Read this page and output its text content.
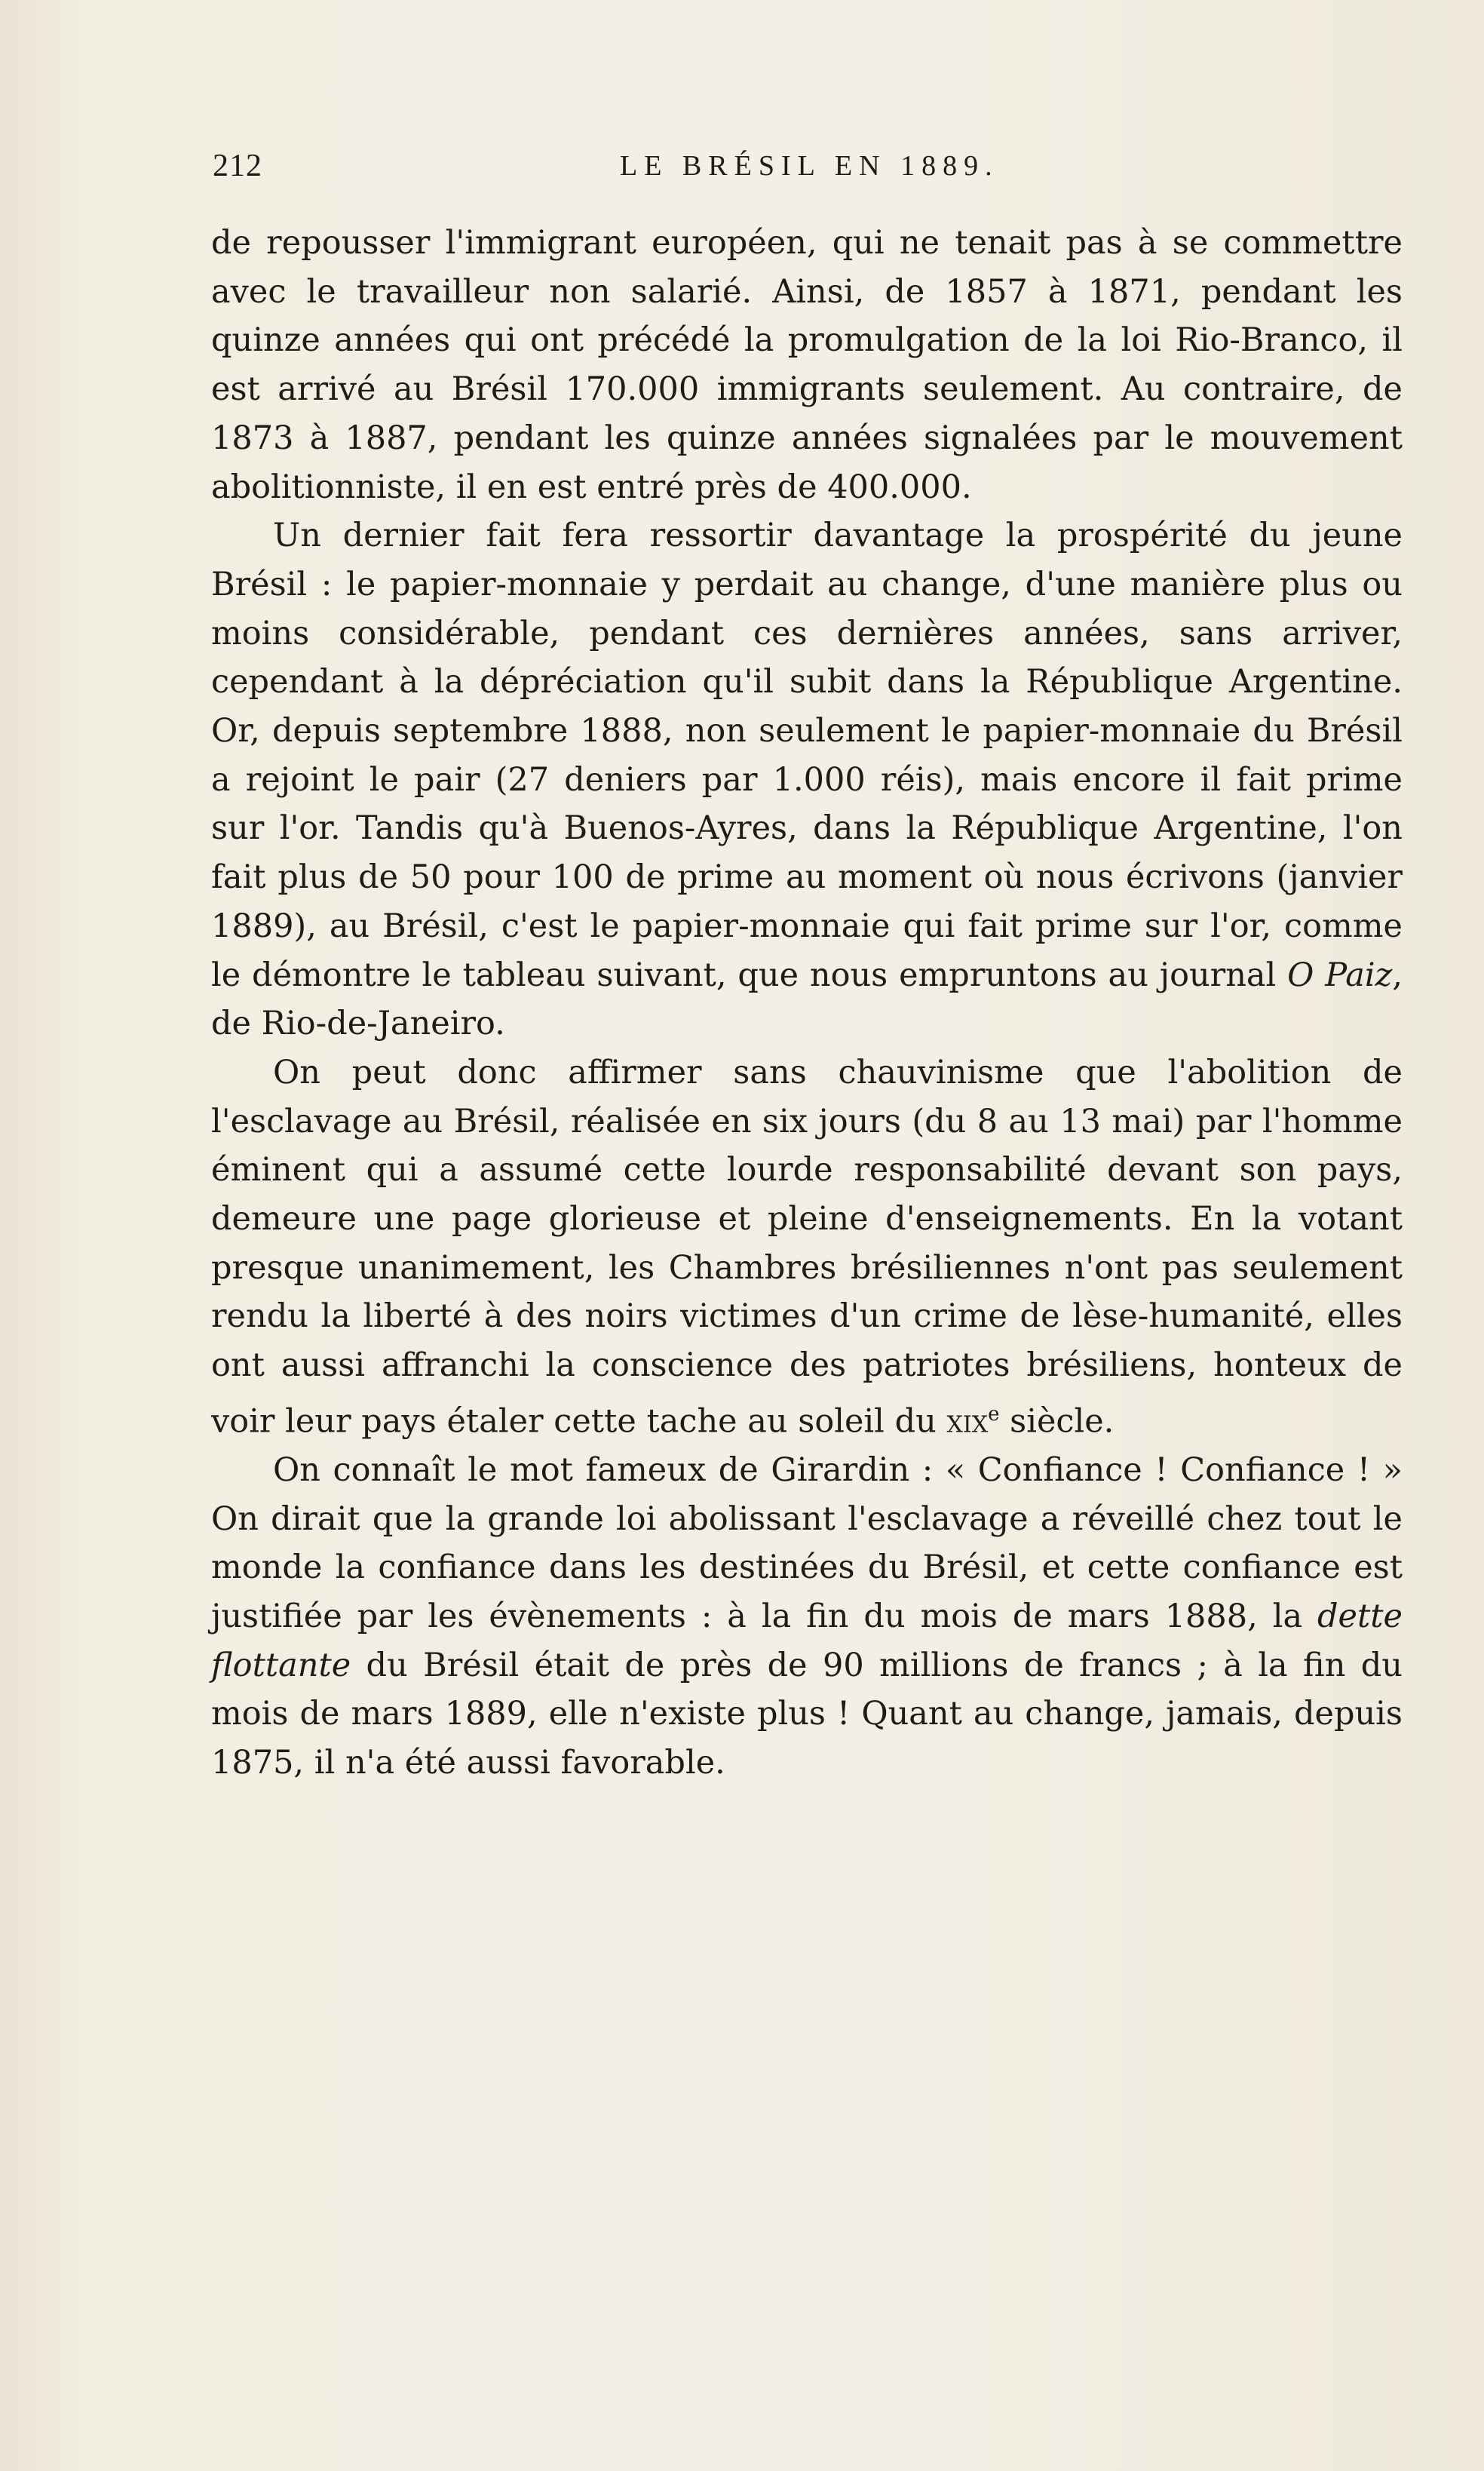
212	LE BRÉSIL EN 1889.

de repousser l'immigrant européen, qui ne tenait pas à se commettre avec le travailleur non salarié. Ainsi, de 1857 à 1871, pendant les quinze années qui ont précédé la promulgation de la loi Rio-Branco, il est arrivé au Brésil 170.000 immigrants seulement. Au contraire, de 1873 à 1887, pendant les quinze années signalées par le mouvement abolitionniste, il en est entré près de 400.000.

Un dernier fait fera ressortir davantage la prospérité du jeune Brésil : le papier-monnaie y perdait au change, d'une manière plus ou moins considérable, pendant ces dernières années, sans arriver, cependant à la dépréciation qu'il subit dans la République Argentine. Or, depuis septembre 1888, non seulement le papier-monnaie du Brésil a rejoint le pair (27 deniers par 1.000 réis), mais encore il fait prime sur l'or. Tandis qu'à Buenos-Ayres, dans la République Argentine, l'on fait plus de 50 pour 100 de prime au moment où nous écrivons (janvier 1889), au Brésil, c'est le papier-monnaie qui fait prime sur l'or, comme le démontre le tableau suivant, que nous empruntons au journal O Paiz, de Rio-de-Janeiro.

On peut donc affirmer sans chauvinisme que l'abolition de l'esclavage au Brésil, réalisée en six jours (du 8 au 13 mai) par l'homme éminent qui a assumé cette lourde responsabilité devant son pays, demeure une page glorieuse et pleine d'enseignements. En la votant presque unanimement, les Chambres brésiliennes n'ont pas seulement rendu la liberté à des noirs victimes d'un crime de lèse-humanité, elles ont aussi affranchi la conscience des patriotes brésiliens, honteux de voir leur pays étaler cette tache au soleil du xix$^e$ siècle.

On connaît le mot fameux de Girardin : « Confiance ! Confiance ! » On dirait que la grande loi abolissant l'esclavage a réveillé chez tout le monde la confiance dans les destinées du Brésil, et cette confiance est justifiée par les évènements : à la fin du mois de mars 1888, la dette flottante du Brésil était de près de 90 millions de francs ; à la fin du mois de mars 1889, elle n'existe plus ! Quant au change, jamais, depuis 1875, il n'a été aussi favorable.
